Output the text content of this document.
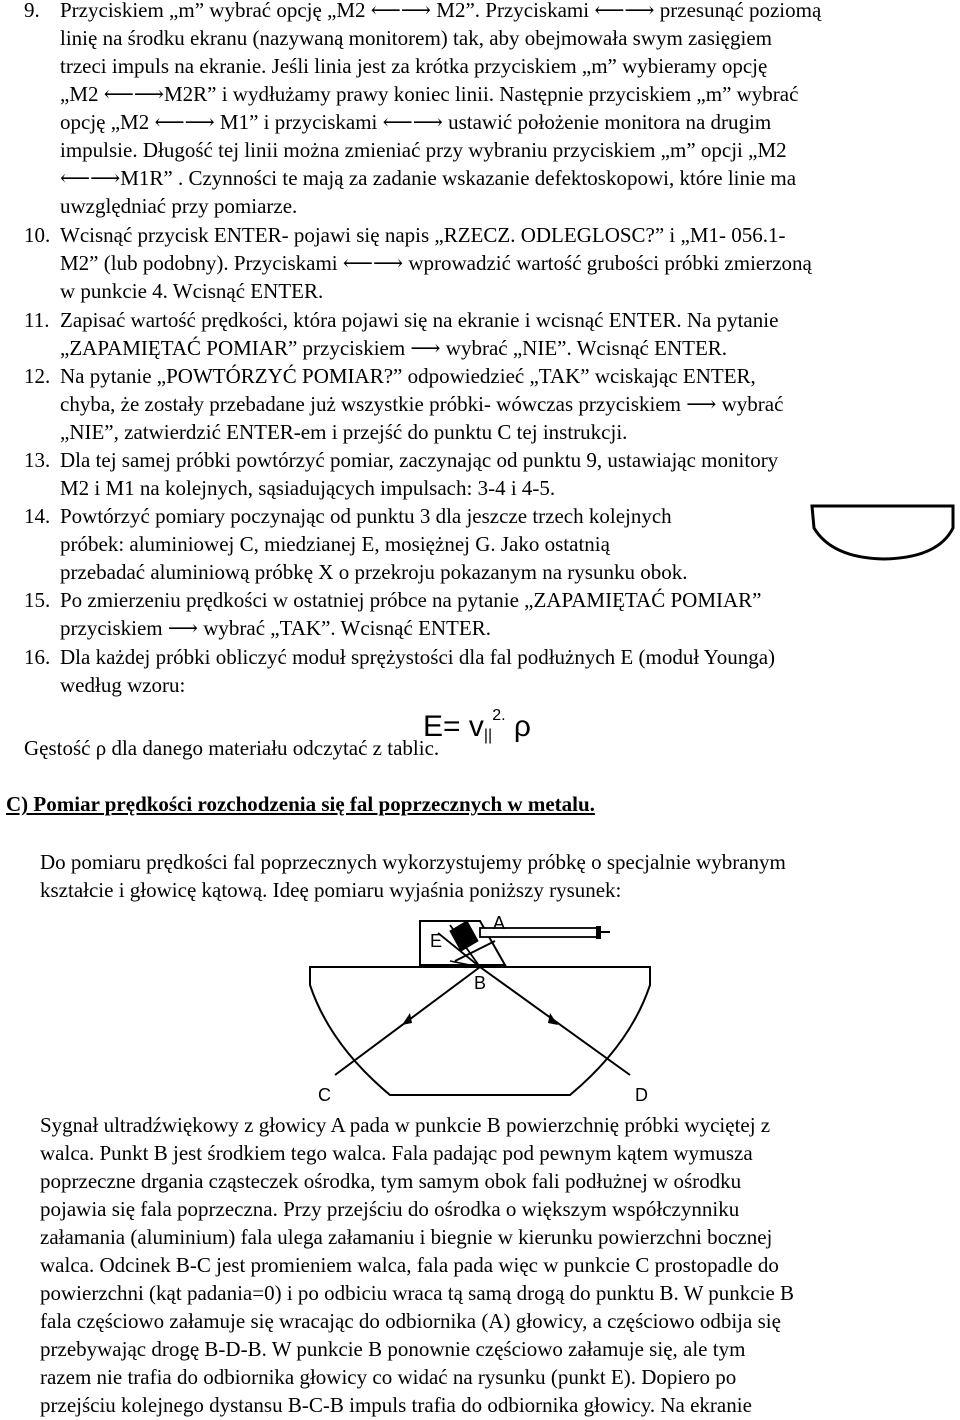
9. Przyciskiem „m” wybrać opcję „M2 ⟵⟶ M2”. Przyciskami ⟵⟶ przesunąć poziomą
linię na środku ekranu (nazywaną monitorem) tak, aby obejmowała swym zasięgiem
trzeci impuls na ekranie. Jeśli linia jest za krótka przyciskiem „m” wybieramy opcję
„M2 ⟵⟶M2R” i wydłużamy prawy koniec linii. Następnie przyciskiem „m” wybrać
opcję „M2 ⟵⟶ M1” i przyciskami ⟵⟶ ustawić położenie monitora na drugim
impulsie. Długość tej linii można zmieniać przy wybraniu przyciskiem „m” opcji „M2
⟵⟶M1R” . Czynności te mają za zadanie wskazanie defektoskopowi, które linie ma
uwzględniać przy pomiarze.
10. Wcisnąć przycisk ENTER- pojawi się napis „RZECZ. ODLEGLOSC?” i „M1- 056.1-
M2” (lub podobny). Przyciskami ⟵⟶ wprowadzić wartość grubości próbki zmierzoną
w punkcie 4. Wcisnąć ENTER.
11. Zapisać wartość prędkości, która pojawi się na ekranie i wcisnąć ENTER. Na pytanie
„ZAPAMIĘTAĆ POMIAR” przyciskiem ⟶ wybrać „NIE”. Wcisnąć ENTER.
12. Na pytanie „POWTÓRZYĆ POMIAR?” odpowiedzieć „TAK” wciskając ENTER,
chyba, że zostały przebadane już wszystkie próbki- wówczas przyciskiem ⟶ wybrać
„NIE”, zatwierdzić ENTER-em i przejść do punktu C tej instrukcji.
13. Dla tej samej próbki powtórzyć pomiar, zaczynając od punktu 9, ustawiając monitory
M2 i M1 na kolejnych, sąsiadujących impulsach: 3-4 i 4-5.
14. Powtórzyć pomiary poczynając od punktu 3 dla jeszcze trzech kolejnych
próbek: aluminiowej C, miedzianej E, mosiężnej G. Jako ostatnią
przebadać aluminiową próbkę X o przekroju pokazanym na rysunku obok.
15. Po zmierzeniu prędkości w ostatniej próbce na pytanie „ZAPAMIĘTAĆ POMIAR”
przyciskiem ⟶ wybrać „TAK”. Wcisnąć ENTER.
16. Dla każdej próbki obliczyć moduł sprężystości dla fal podłużnych E (moduł Younga)
według wzoru:
$E= v_{||}^{2.}$ ρ
Gęstość ρ dla danego materiału odczytać z tablic.
C) Pomiar prędkości rozchodzenia się fal poprzecznych w metalu.
Do pomiaru prędkości fal poprzecznych wykorzystujemy próbkę o specjalnie wybranym
kształcie i głowicę kątową. Ideę pomiaru wyjaśnia poniższy rysunek:
A
E
B
C	D
Sygnał ultradźwiękowy z głowicy A pada w punkcie B powierzchnię próbki wyciętej z
walca. Punkt B jest środkiem tego walca. Fala padając pod pewnym kątem wymusza
poprzeczne drgania cząsteczek ośrodka, tym samym obok fali podłużnej w ośrodku
pojawia się fala poprzeczna. Przy przejściu do ośrodka o większym współczynniku
załamania (aluminium) fala ulega załamaniu i biegnie w kierunku powierzchni bocznej
walca. Odcinek B-C jest promieniem walca, fala pada więc w punkcie C prostopadle do
powierzchni (kąt padania=0) i po odbiciu wraca tą samą drogą do punktu B. W punkcie B
fala częściowo załamuje się wracając do odbiornika (A) głowicy, a częściowo odbija się
przebywając drogę B-D-B. W punkcie B ponownie częściowo załamuje się, ale tym
razem nie trafia do odbiornika głowicy co widać na rysunku (punkt E). Dopiero po
przejściu kolejnego dystansu B-C-B impuls trafia do odbiornika głowicy. Na ekranie
